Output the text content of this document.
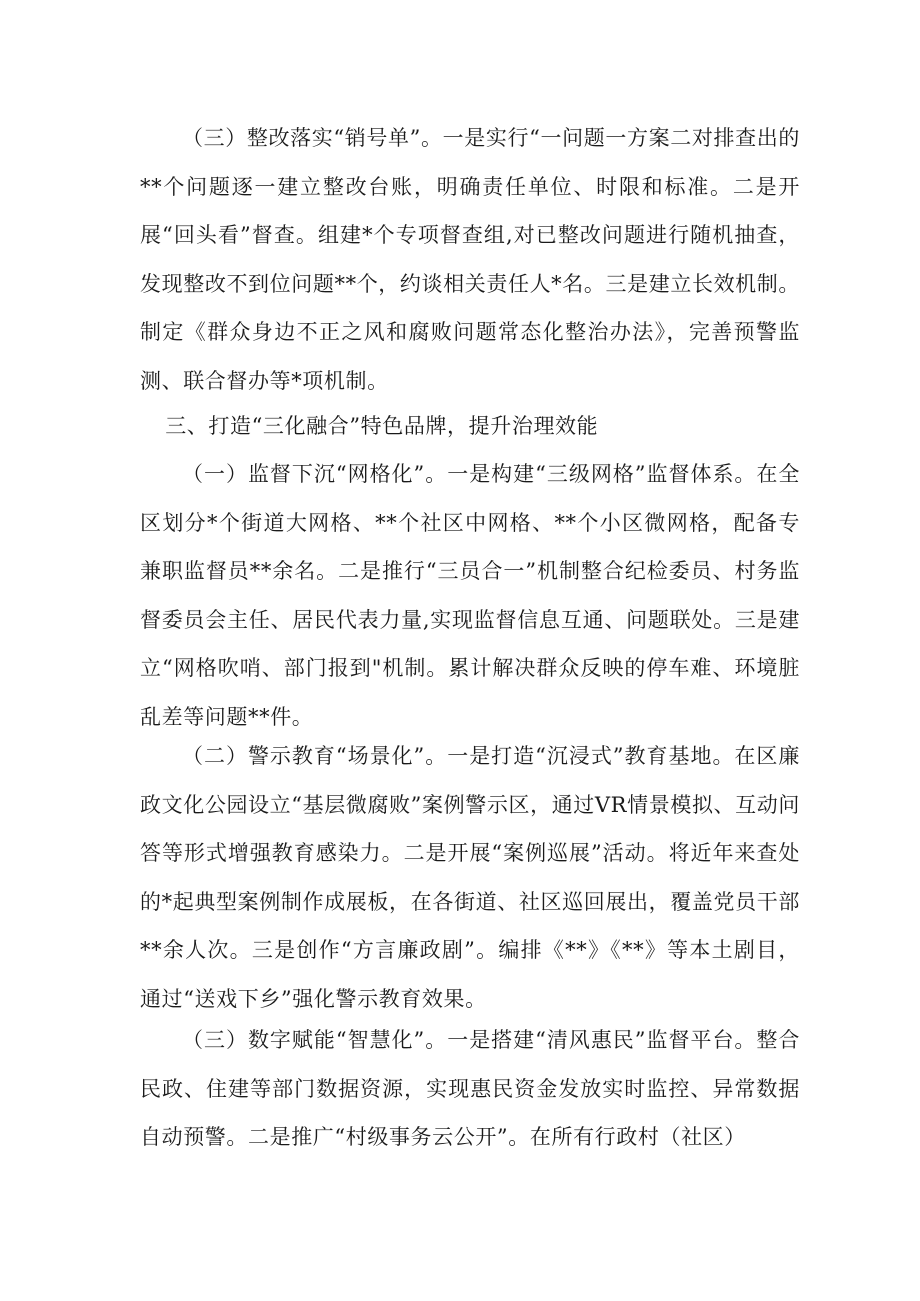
（三）整改落实“销号单”。一是实行“一问题一方案二对排查出的**个问题逐一建立整改台账，明确责任单位、时限和标准。二是开展“回头看”督查。组建*个专项督查组,对已整改问题进行随机抽查，发现整改不到位问题**个，约谈相关责任人*名。三是建立长效机制。制定《群众身边不正之风和腐败问题常态化整治办法》，完善预警监测、联合督办等*项机制。

三、打造“三化融合”特色品牌，提升治理效能

（一）监督下沉“网格化”。一是构建“三级网格”监督体系。在全区划分*个街道大网格、**个社区中网格、**个小区微网格，配备专兼职监督员**余名。二是推行“三员合一”机制整合纪检委员、村务监督委员会主任、居民代表力量,实现监督信息互通、问题联处。三是建立“网格吹哨、部门报到"机制。累计解决群众反映的停车难、环境脏乱差等问题**件。

（二）警示教育“场景化”。一是打造“沉浸式”教育基地。在区廉政文化公园设立“基层微腐败”案例警示区，通过VR情景模拟、互动问答等形式增强教育感染力。二是开展“案例巡展”活动。将近年来查处的*起典型案例制作成展板，在各街道、社区巡回展出，覆盖党员干部**余人次。三是创作“方言廉政剧”。编排《**》《**》等本土剧目，通过“送戏下乡”强化警示教育效果。

（三）数字赋能“智慧化”。一是搭建“清风惠民”监督平台。整合民政、住建等部门数据资源，实现惠民资金发放实时监控、异常数据自动预警。二是推广“村级事务云公开”。在所有行政村（社区）
